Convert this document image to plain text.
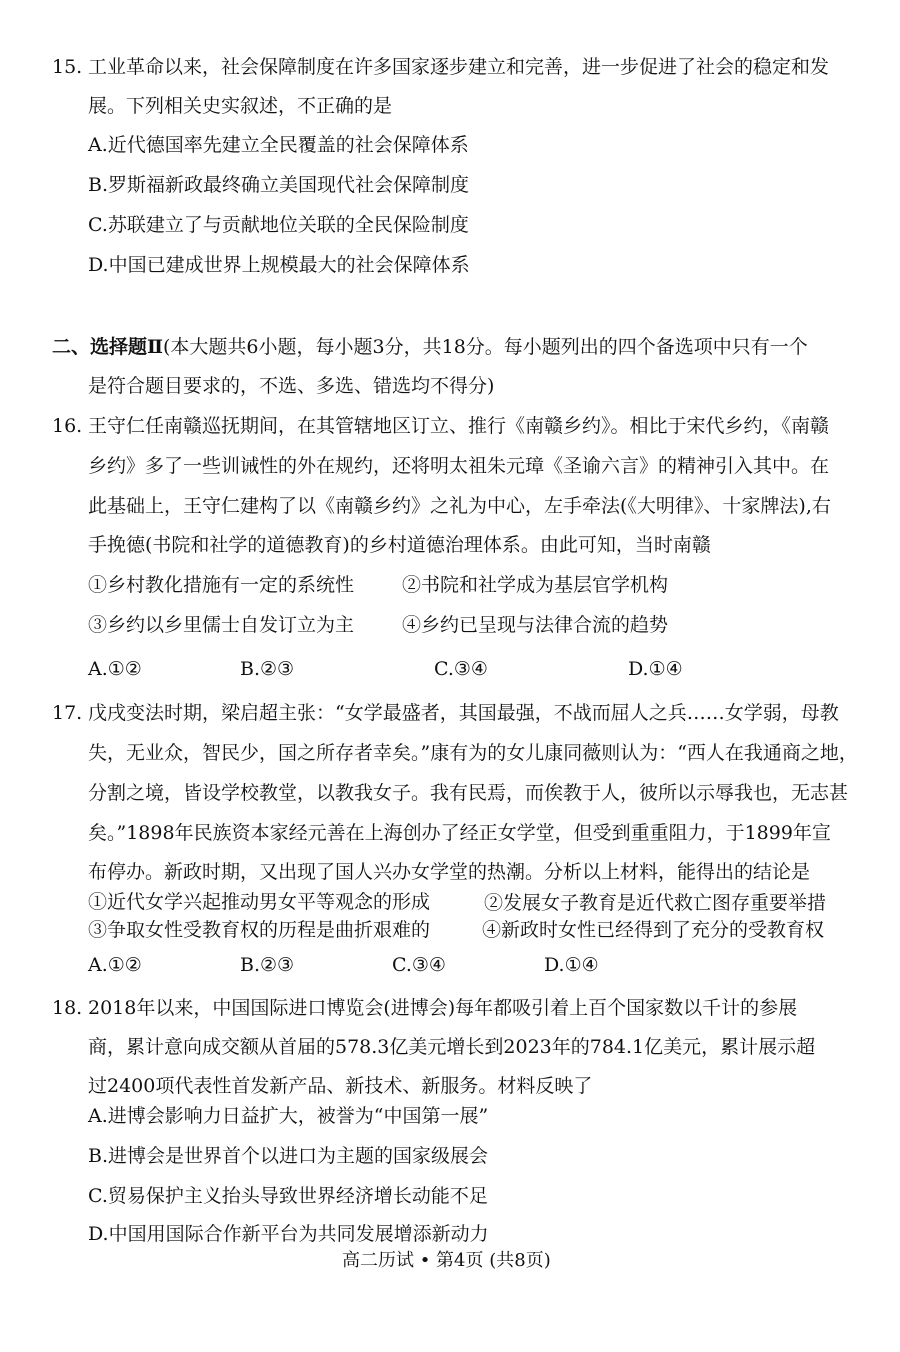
15. 工业革命以来，社会保障制度在许多国家逐步建立和完善，进一步促进了社会的稳定和发
展。下列相关史实叙述，不正确的是
A.近代德国率先建立全民覆盖的社会保障体系
B.罗斯福新政最终确立美国现代社会保障制度
C.苏联建立了与贡献地位关联的全民保险制度
D.中国已建成世界上规模最大的社会保障体系
二、选择题Ⅱ(本大题共6小题，每小题3分，共18分。每小题列出的四个备选项中只有一个
是符合题目要求的，不选、多选、错选均不得分)
16. 王守仁任南赣巡抚期间，在其管辖地区订立、推行《南赣乡约》。相比于宋代乡约，《南赣
乡约》多了一些训诫性的外在规约，还将明太祖朱元璋《圣谕六言》的精神引入其中。在
此基础上，王守仁建构了以《南赣乡约》之礼为中心，左手牵法(《大明律》、十家牌法),右
手挽德(书院和社学的道德教育)的乡村道德治理体系。由此可知，当时南赣
①乡村教化措施有一定的系统性	②书院和社学成为基层官学机构
③乡约以乡里儒士自发订立为主	④乡约已呈现与法律合流的趋势
A.①②	B.②③	C.③④	D.①④
17. 戊戌变法时期，梁启超主张：“女学最盛者，其国最强，不战而屈人之兵……女学弱，母教
失，无业众，智民少，国之所存者幸矣。”康有为的女儿康同薇则认为：“西人在我通商之地，
分割之境，皆设学校教堂，以教我女子。我有民焉，而俟教于人，彼所以示辱我也，无志甚
矣。”1898年民族资本家经元善在上海创办了经正女学堂，但受到重重阻力，于1899年宣
布停办。新政时期，又出现了国人兴办女学堂的热潮。分析以上材料，能得出的结论是
①近代女学兴起推动男女平等观念的形成	②发展女子教育是近代救亡图存重要举措
③争取女性受教育权的历程是曲折艰难的	④新政时女性已经得到了充分的受教育权
A.①②	B.②③	C.③④	D.①④
18. 2018年以来，中国国际进口博览会(进博会)每年都吸引着上百个国家数以千计的参展
商，累计意向成交额从首届的578.3亿美元增长到2023年的784.1亿美元，累计展示超
过2400项代表性首发新产品、新技术、新服务。材料反映了
A.进博会影响力日益扩大，被誉为“中国第一展”
B.进博会是世界首个以进口为主题的国家级展会
C.贸易保护主义抬头导致世界经济增长动能不足
D.中国用国际合作新平台为共同发展增添新动力
高二历试 • 第4页 (共8页)
